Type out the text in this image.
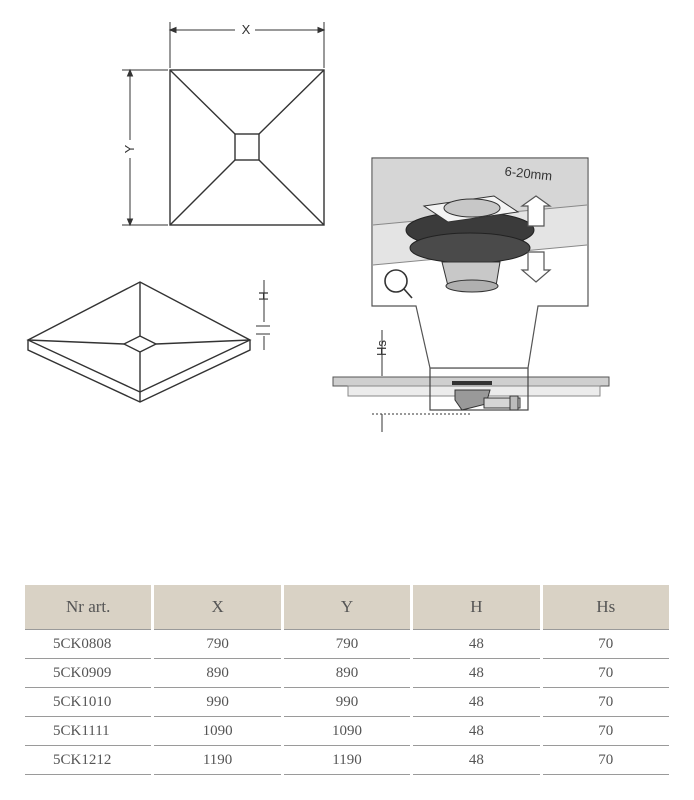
X
Y
H
Hs
6-20mm
Nr art.	X	Y	H	Hs
5CK0808	790	790	48	70
5CK0909	890	890	48	70
5CK1010	990	990	48	70
5CK1111	1090	1090	48	70
5CK1212	1190	1190	48	70
